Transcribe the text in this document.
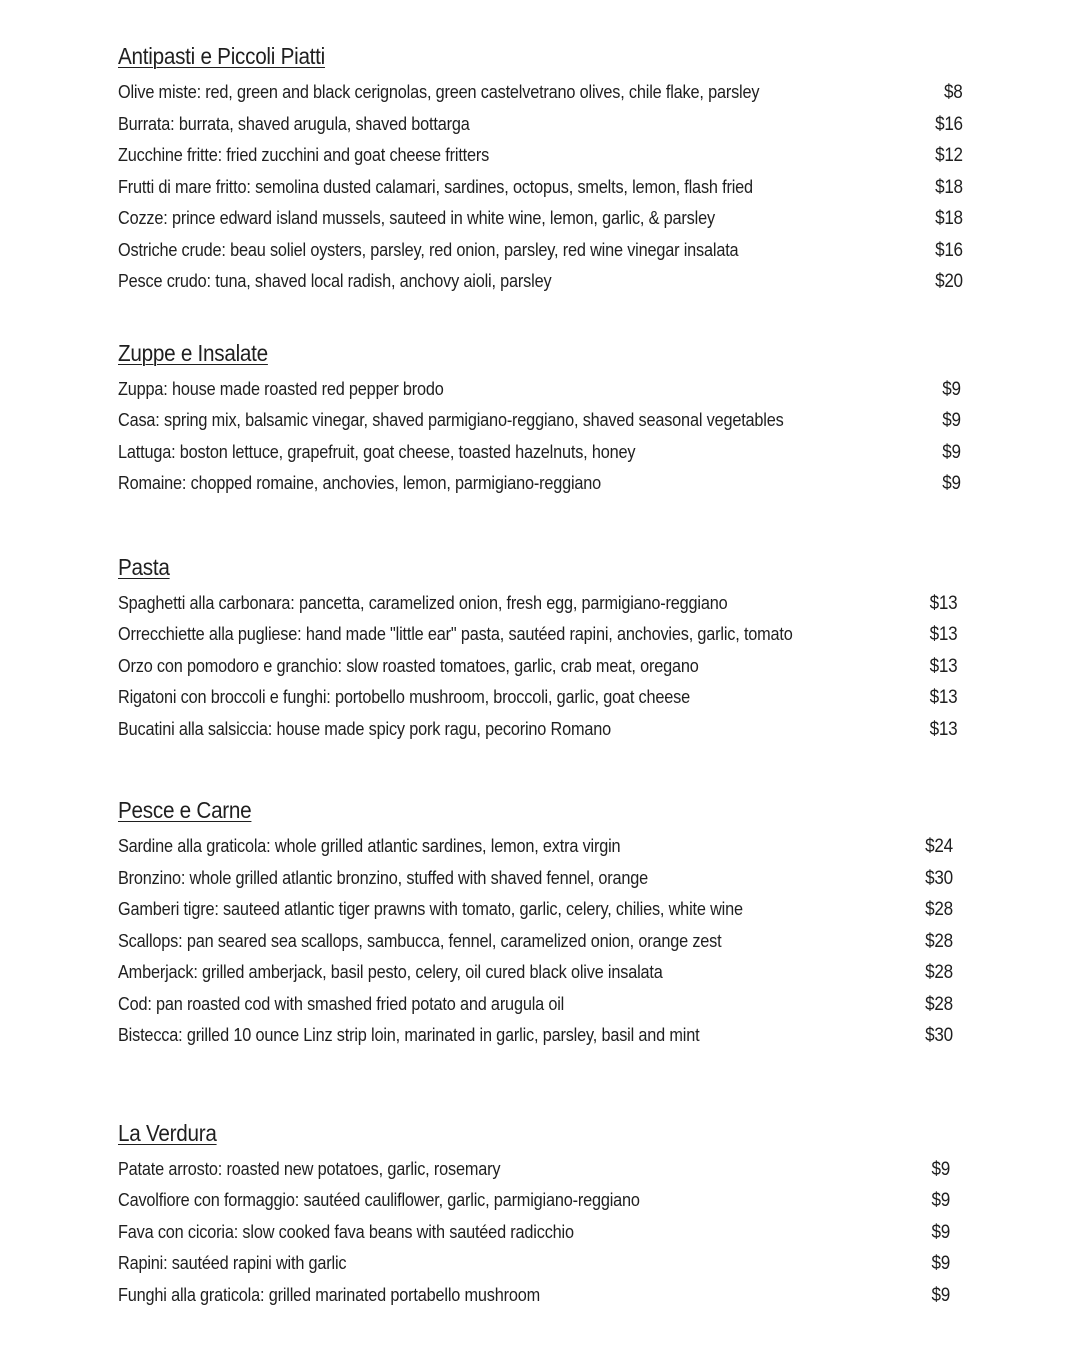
Antipasti e Piccoli Piatti
Olive miste: red, green and black cerignolas, green castelvetrano olives, chile flake, parsley	$8
Burrata: burrata, shaved arugula, shaved bottarga	$16
Zucchine fritte: fried zucchini and goat cheese fritters	$12
Frutti di mare fritto: semolina dusted calamari, sardines, octopus, smelts, lemon, flash fried	$18
Cozze: prince edward island mussels, sauteed in white wine, lemon, garlic, & parsley	$18
Ostriche crude: beau soliel oysters, parsley, red onion, parsley, red wine vinegar insalata	$16
Pesce crudo: tuna, shaved local radish, anchovy aioli, parsley	$20
Zuppe e Insalate
Zuppa: house made roasted red pepper brodo	$9
Casa: spring mix, balsamic vinegar, shaved parmigiano-reggiano, shaved seasonal vegetables	$9
Lattuga: boston lettuce, grapefruit, goat cheese, toasted hazelnuts, honey	$9
Romaine: chopped romaine, anchovies, lemon, parmigiano-reggiano	$9
Pasta
Spaghetti alla carbonara: pancetta, caramelized onion, fresh egg, parmigiano-reggiano	$13
Orrecchiette alla pugliese: hand made "little ear" pasta, sautéed rapini, anchovies, garlic, tomato	$13
Orzo con pomodoro e granchio: slow roasted tomatoes, garlic, crab meat, oregano	$13
Rigatoni con broccoli e funghi: portobello mushroom, broccoli, garlic, goat cheese	$13
Bucatini alla salsiccia: house made spicy pork ragu, pecorino Romano	$13
Pesce e Carne
Sardine alla graticola: whole grilled atlantic sardines, lemon, extra virgin	$24
Bronzino: whole grilled atlantic bronzino, stuffed with shaved fennel, orange	$30
Gamberi tigre: sauteed atlantic tiger prawns with tomato, garlic, celery, chilies, white wine	$28
Scallops: pan seared sea scallops, sambucca, fennel, caramelized onion, orange zest	$28
Amberjack: grilled amberjack, basil pesto, celery, oil cured black olive insalata	$28
Cod: pan roasted cod with smashed fried potato and arugula oil	$28
Bistecca: grilled 10 ounce Linz strip loin, marinated in garlic, parsley, basil and mint	$30
La Verdura
Patate arrosto: roasted new potatoes, garlic, rosemary	$9
Cavolfiore con formaggio: sautéed cauliflower, garlic, parmigiano-reggiano	$9
Fava con cicoria: slow cooked fava beans with sautéed radicchio	$9
Rapini: sautéed rapini with garlic	$9
Funghi alla graticola: grilled marinated portabello mushroom	$9
